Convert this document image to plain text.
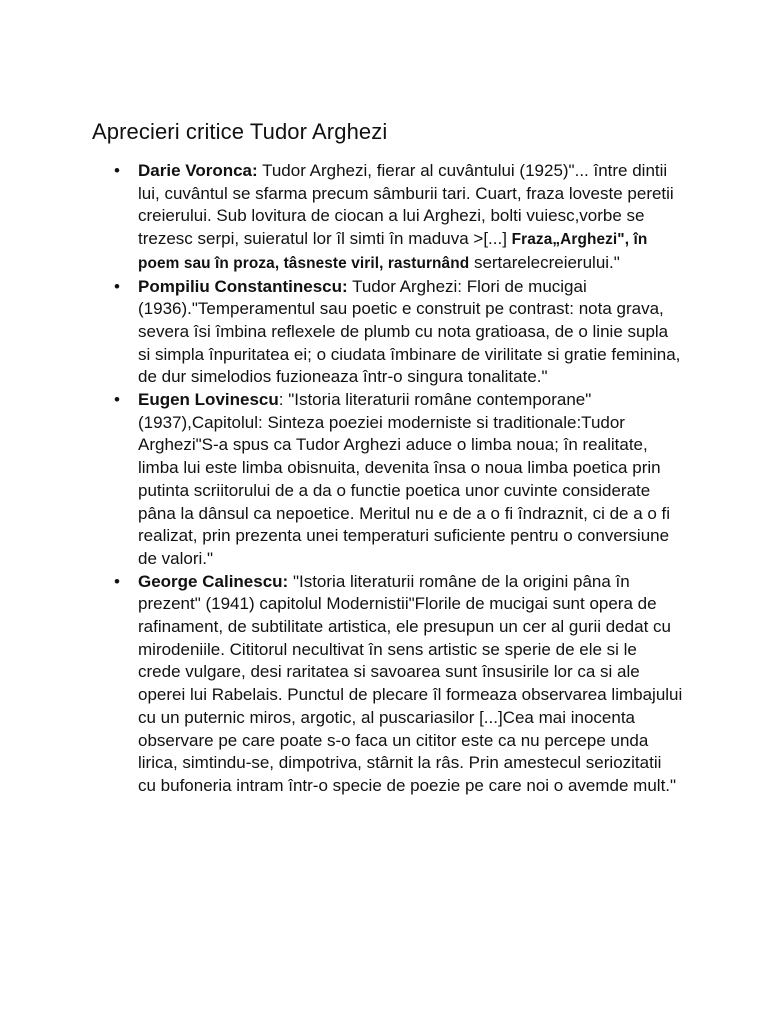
Aprecieri critice Tudor Arghezi
• Darie Voronca: Tudor Arghezi, fierar al cuvântului (1925)"... între dintii lui, cuvântul se sfarma precum sâmburii tari. Cuart, fraza loveste peretii creierului. Sub lovitura de ciocan a lui Arghezi, bolti vuiesc,vorbe se trezesc serpi, suieratul lor îl simti în maduva >[...] Fraza„Arghezi", în poem sau în proza, tâsneste viril, rasturnând sertarelecreierului."
• Pompiliu Constantinescu: Tudor Arghezi: Flori de mucigai (1936)."Temperamentul sau poetic e construit pe contrast: nota grava, severa îsi îmbina reflexele de plumb cu nota gratioasa, de o linie supla si simpla înpuritatea ei; o ciudata îmbinare de virilitate si gratie feminina, de dur simelodios fuzioneaza într-o singura tonalitate."
• Eugen Lovinescu: "Istoria literaturii române contemporane" (1937),Capitolul: Sinteza poeziei moderniste si traditionale:Tudor Arghezi"S-a spus ca Tudor Arghezi aduce o limba noua; în realitate, limba lui este limba obisnuita, devenita însa o noua limba poetica prin putinta scriitorului de a da o functie poetica unor cuvinte considerate pâna la dânsul ca nepoetice. Meritul nu e de a o fi îndraznit, ci de a o fi realizat, prin prezenta unei temperaturi suficiente pentru o conversiune de valori."
• George Calinescu: "Istoria literaturii române de la origini pâna în prezent" (1941) capitolul Modernistii"Florile de mucigai sunt opera de rafinament, de subtilitate artistica, ele presupun un cer al gurii dedat cu mirodeniile. Cititorul necultivat în sens artistic se sperie de ele si le crede vulgare, desi raritatea si savoarea sunt însusirile lor ca si ale operei lui Rabelais. Punctul de plecare îl formeaza observarea limbajului cu un puternic miros, argotic, al puscariasilor [...]Cea mai inocenta observare pe care poate s-o faca un cititor este ca nu percepe unda lirica, simtindu-se, dimpotriva, stârnit la râs. Prin amestecul seriozitatii cu bufoneria intram într-o specie de poezie pe care noi o avemde mult."
